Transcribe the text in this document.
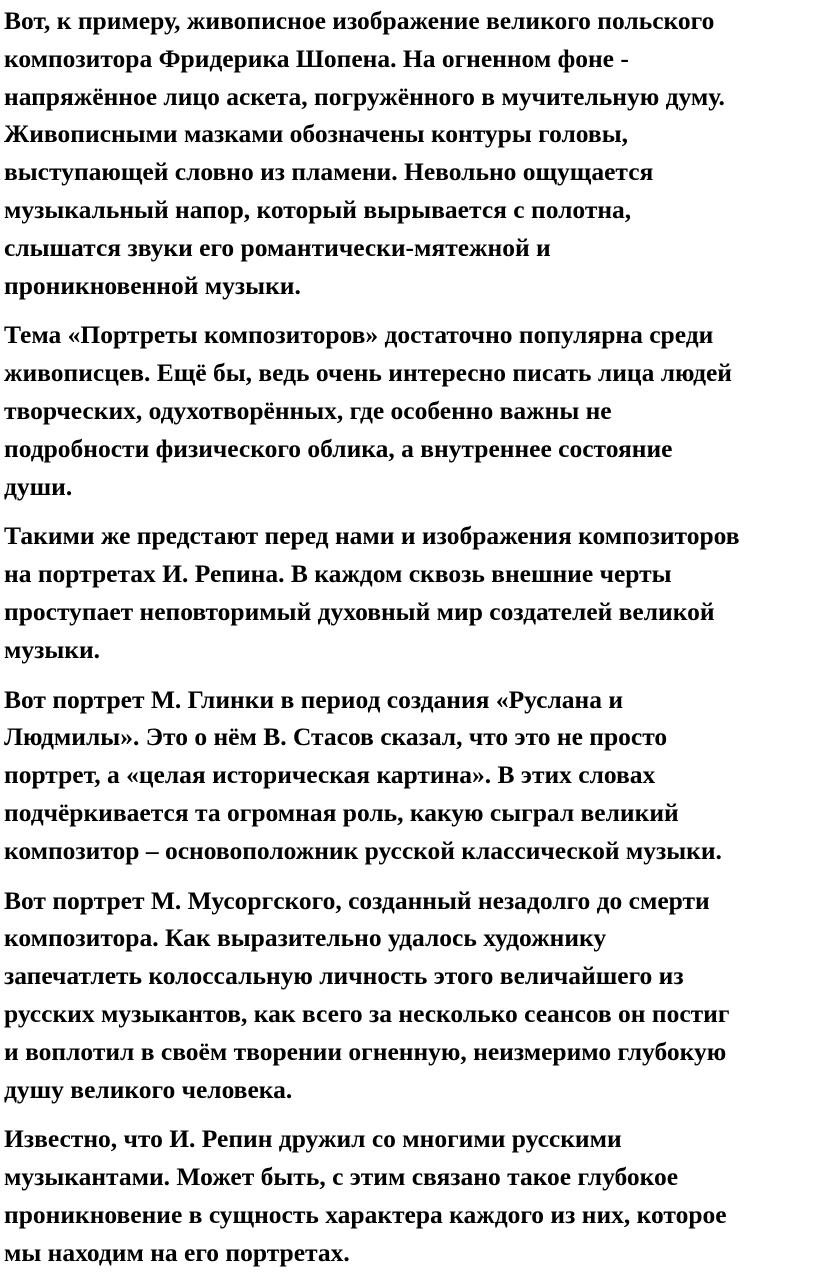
Вот, к примеру, живописное изображение великого польского
композитора Фридерика Шопена. На огненном фоне -
напряжённое лицо аскета, погружённого в мучительную думу.
Живописными мазками обозначены контуры головы,
выступающей словно из пламени. Невольно ощущается
музыкальный напор, который вырывается с полотна,
слышатся звуки его романтически-мятежной и
проникновенной музыки.

Тема «Портреты композиторов» достаточно популярна среди
живописцев. Ещё бы, ведь очень интересно писать лица людей
творческих, одухотворённых, где особенно важны не
подробности физического облика, а внутреннее состояние
души.

Такими же предстают перед нами и изображения композиторов
на портретах И. Репина. В каждом сквозь внешние черты
проступает неповторимый духовный мир создателей великой
музыки.

Вот портрет М. Глинки в период создания «Руслана и
Людмилы». Это о нём В. Стасов сказал, что это не просто
портрет, а «целая историческая картина». В этих словах
подчёркивается та огромная роль, какую сыграл великий
композитор – основоположник русской классической музыки.

Вот портрет М. Мусоргского, созданный незадолго до смерти
композитора. Как выразительно удалось художнику
запечатлеть колоссальную личность этого величайшего из
русских музыкантов, как всего за несколько сеансов он постиг
и воплотил в своём творении огненную, неизмеримо глубокую
душу великого человека.

Известно, что И. Репин дружил со многими русскими
музыкантами. Может быть, с этим связано такое глубокое
проникновение в сущность характера каждого из них, которое
мы находим на его портретах.
